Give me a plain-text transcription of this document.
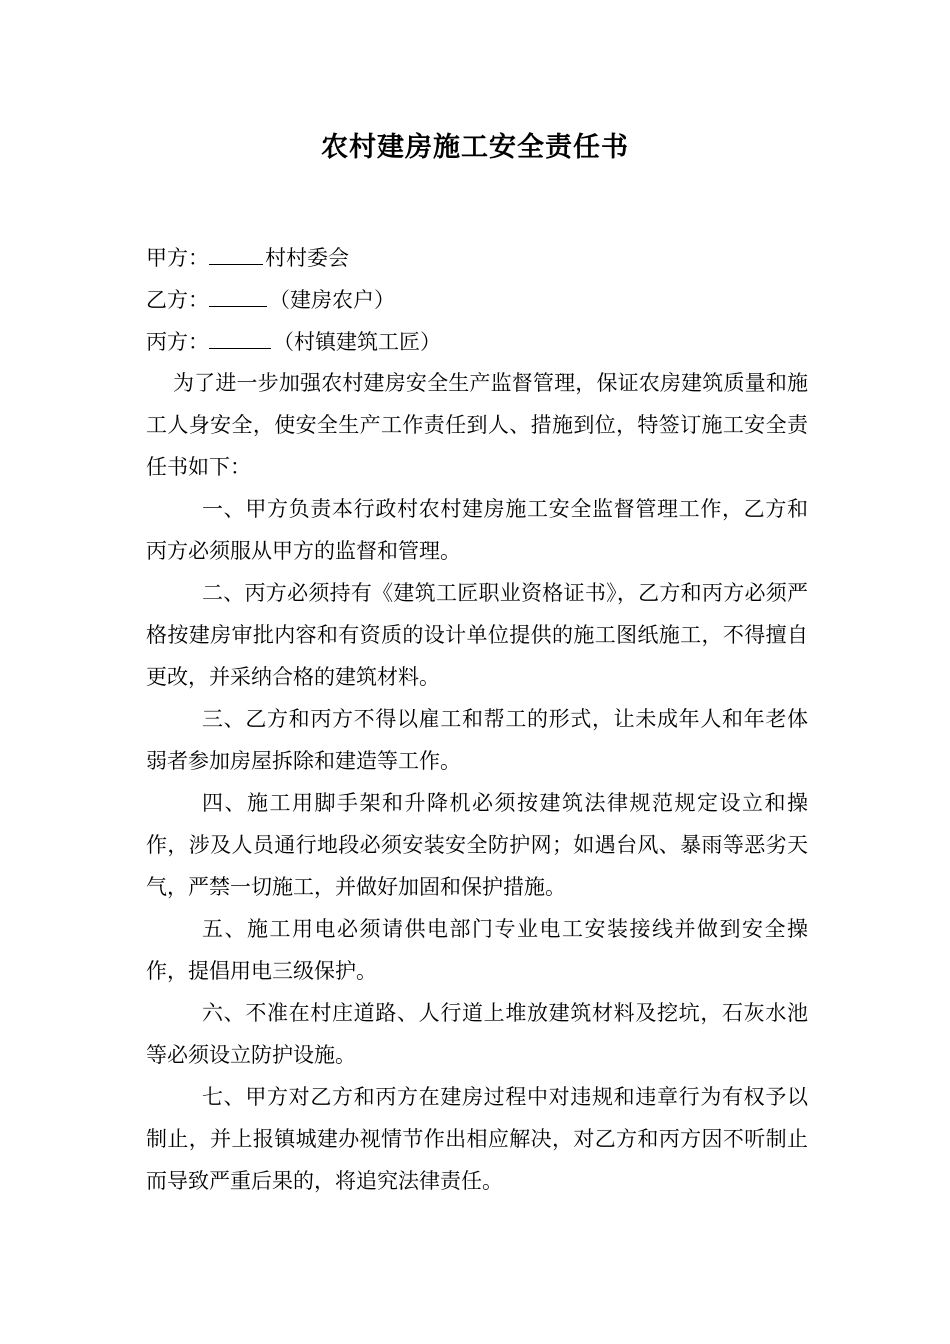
农村建房施工安全责任书
甲方：	村村委会
乙方：	（建房农户）
丙方：	（村镇建筑工匠）

为了进一步加强农村建房安全生产监督管理，保证农房建筑质量和施工人身安全，使安全生产工作责任到人、措施到位，特签订施工安全责任书如下：

一、甲方负责本行政村农村建房施工安全监督管理工作，乙方和丙方必须服从甲方的监督和管理。

二、丙方必须持有《建筑工匠职业资格证书》，乙方和丙方必须严格按建房审批内容和有资质的设计单位提供的施工图纸施工，不得擅自更改，并采纳合格的建筑材料。

三、乙方和丙方不得以雇工和帮工的形式，让未成年人和年老体弱者参加房屋拆除和建造等工作。

四、施工用脚手架和升降机必须按建筑法律规范规定设立和操作，涉及人员通行地段必须安装安全防护网；如遇台风、暴雨等恶劣天气，严禁一切施工，并做好加固和保护措施。

五、施工用电必须请供电部门专业电工安装接线并做到安全操作，提倡用电三级保护。

六、不准在村庄道路、人行道上堆放建筑材料及挖坑，石灰水池等必须设立防护设施。

七、甲方对乙方和丙方在建房过程中对违规和违章行为有权予以制止，并上报镇城建办视情节作出相应解决，对乙方和丙方因不听制止而导致严重后果的，将追究法律责任。
